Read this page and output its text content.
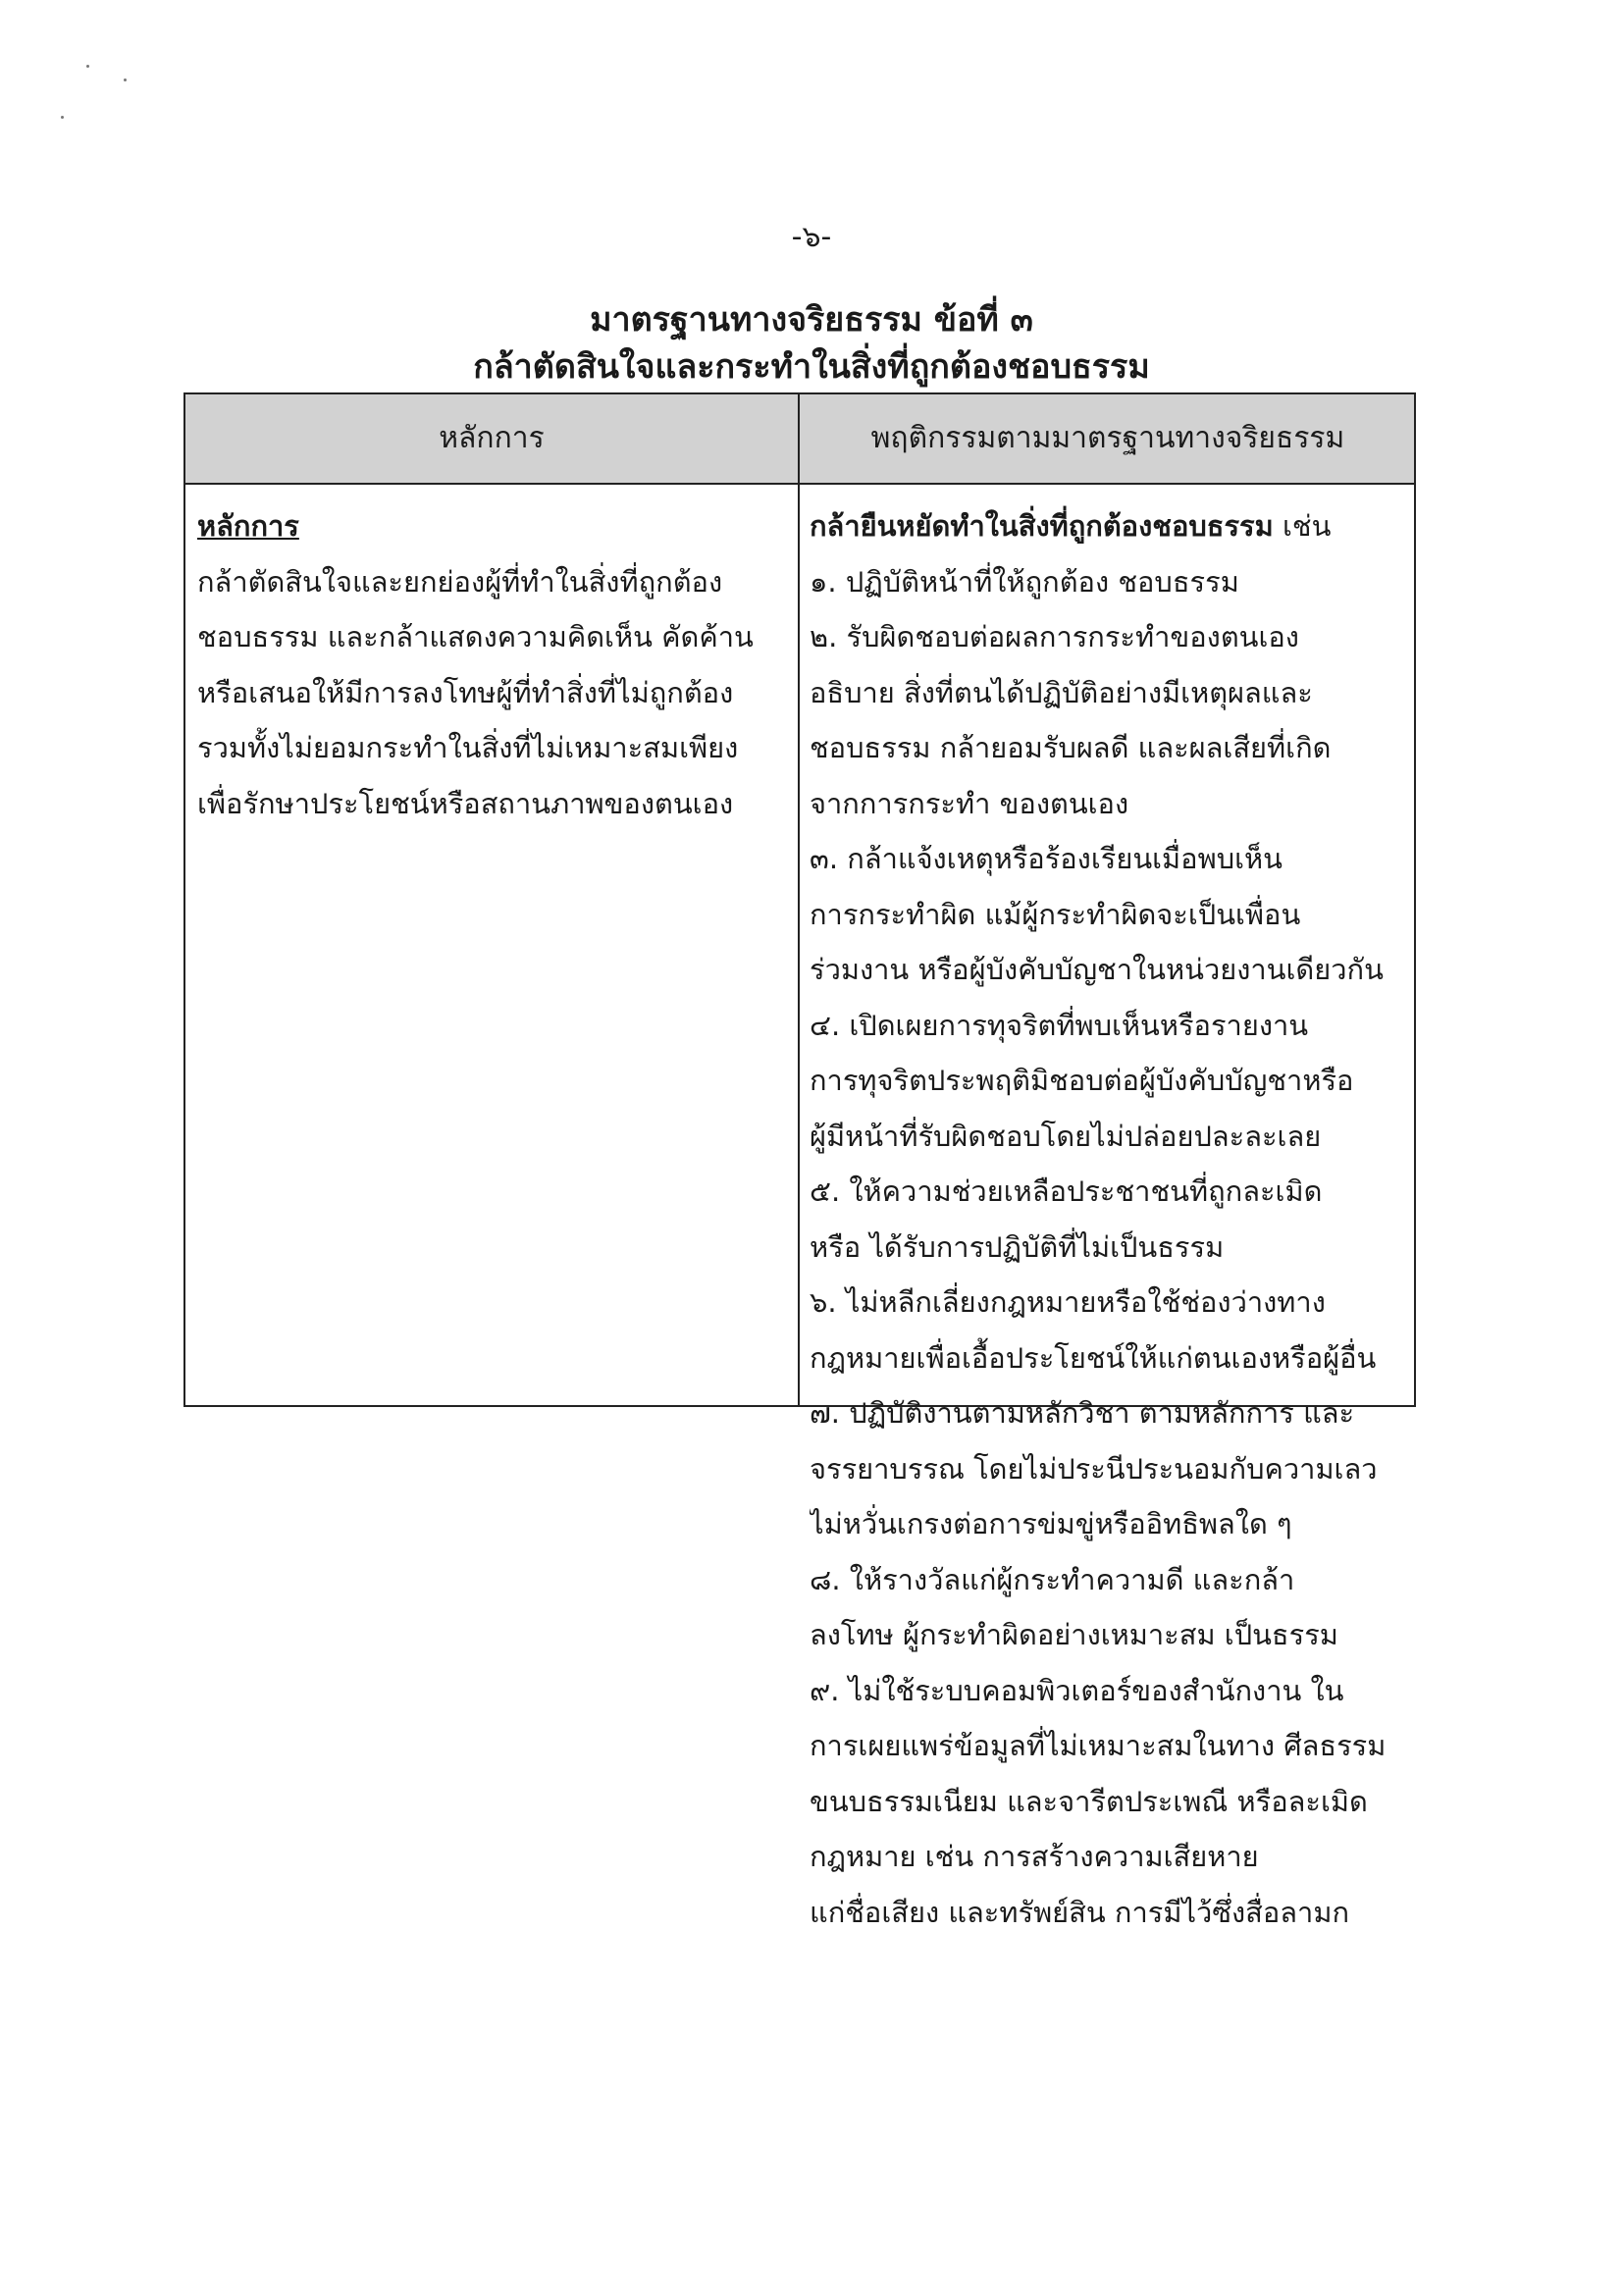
-๖-
มาตรฐานทางจริยธรรม ข้อที่ ๓
กล้าตัดสินใจและกระทำในสิ่งที่ถูกต้องชอบธรรม
หลักการ	พฤติกรรมตามมาตรฐานทางจริยธรรม
หลักการ
กล้าตัดสินใจและยกย่องผู้ที่ทำในสิ่งที่ถูกต้อง
ชอบธรรม และกล้าแสดงความคิดเห็น คัดค้าน
หรือเสนอให้มีการลงโทษผู้ที่ทำสิ่งที่ไม่ถูกต้อง
รวมทั้งไม่ยอมกระทำในสิ่งที่ไม่เหมาะสมเพียง
เพื่อรักษาประโยชน์หรือสถานภาพของตนเอง
กล้ายืนหยัดทำในสิ่งที่ถูกต้องชอบธรรม เช่น
๑. ปฏิบัติหน้าที่ให้ถูกต้อง ชอบธรรม
๒. รับผิดชอบต่อผลการกระทำของตนเอง
อธิบาย สิ่งที่ตนได้ปฏิบัติอย่างมีเหตุผลและ
ชอบธรรม กล้ายอมรับผลดี และผลเสียที่เกิด
จากการกระทำ ของตนเอง
๓. กล้าแจ้งเหตุหรือร้องเรียนเมื่อพบเห็น
การกระทำผิด แม้ผู้กระทำผิดจะเป็นเพื่อน
ร่วมงาน หรือผู้บังคับบัญชาในหน่วยงานเดียวกัน
๔. เปิดเผยการทุจริตที่พบเห็นหรือรายงาน
การทุจริตประพฤติมิชอบต่อผู้บังคับบัญชาหรือ
ผู้มีหน้าที่รับผิดชอบโดยไม่ปล่อยปละละเลย
๕. ให้ความช่วยเหลือประชาชนที่ถูกละเมิด
หรือ ได้รับการปฏิบัติที่ไม่เป็นธรรม
๖. ไม่หลีกเลี่ยงกฎหมายหรือใช้ช่องว่างทาง
กฎหมายเพื่อเอื้อประโยชน์ให้แก่ตนเองหรือผู้อื่น
๗. ปฏิบัติงานตามหลักวิชา ตามหลักการ และ
จรรยาบรรณ โดยไม่ประนีประนอมกับความเลว
ไม่หวั่นเกรงต่อการข่มขู่หรืออิทธิพลใด ๆ
๘. ให้รางวัลแก่ผู้กระทำความดี และกล้า
ลงโทษ ผู้กระทำผิดอย่างเหมาะสม เป็นธรรม
๙. ไม่ใช้ระบบคอมพิวเตอร์ของสำนักงาน ใน
การเผยแพร่ข้อมูลที่ไม่เหมาะสมในทาง ศีลธรรม
ขนบธรรมเนียม และจารีตประเพณี หรือละเมิด
กฎหมาย เช่น การสร้างความเสียหาย
แก่ชื่อเสียง และทรัพย์สิน การมีไว้ซึ่งสื่อลามก
